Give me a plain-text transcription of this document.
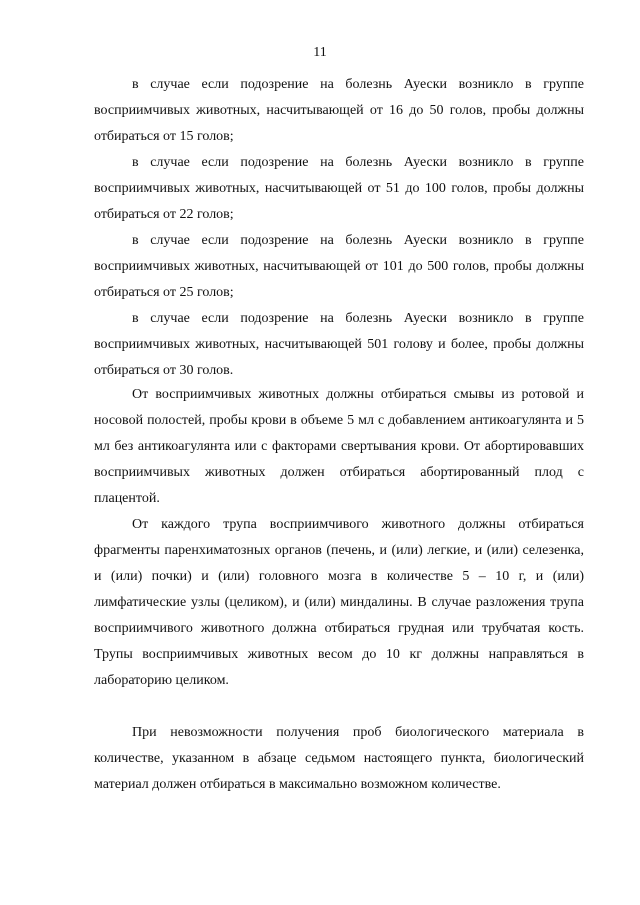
11

в случае если подозрение на болезнь Ауески возникло в группе восприимчивых животных, насчитывающей от 16 до 50 голов, пробы должны отбираться от 15 голов;

в случае если подозрение на болезнь Ауески возникло в группе восприимчивых животных, насчитывающей от 51 до 100 голов, пробы должны отбираться от 22 голов;

в случае если подозрение на болезнь Ауески возникло в группе восприимчивых животных, насчитывающей от 101 до 500 голов, пробы должны отбираться от 25 голов;

в случае если подозрение на болезнь Ауески возникло в группе восприимчивых животных, насчитывающей 501 голову и более, пробы должны отбираться от 30 голов.

От восприимчивых животных должны отбираться смывы из ротовой и носовой полостей, пробы крови в объеме 5 мл с добавлением антикоагулянта и 5 мл без антикоагулянта или с факторами свертывания крови. От абортировавших восприимчивых животных должен отбираться абортированный плод с плацентой.

От каждого трупа восприимчивого животного должны отбираться фрагменты паренхиматозных органов (печень, и (или) легкие, и (или) селезенка, и (или) почки) и (или) головного мозга в количестве 5 – 10 г, и (или) лимфатические узлы (целиком), и (или) миндалины. В случае разложения трупа восприимчивого животного должна отбираться грудная или трубчатая кость. Трупы восприимчивых животных весом до 10 кг должны направляться в лабораторию целиком.

При невозможности получения проб биологического материала в количестве, указанном в абзаце седьмом настоящего пункта, биологический материал должен отбираться в максимально возможном количестве.
